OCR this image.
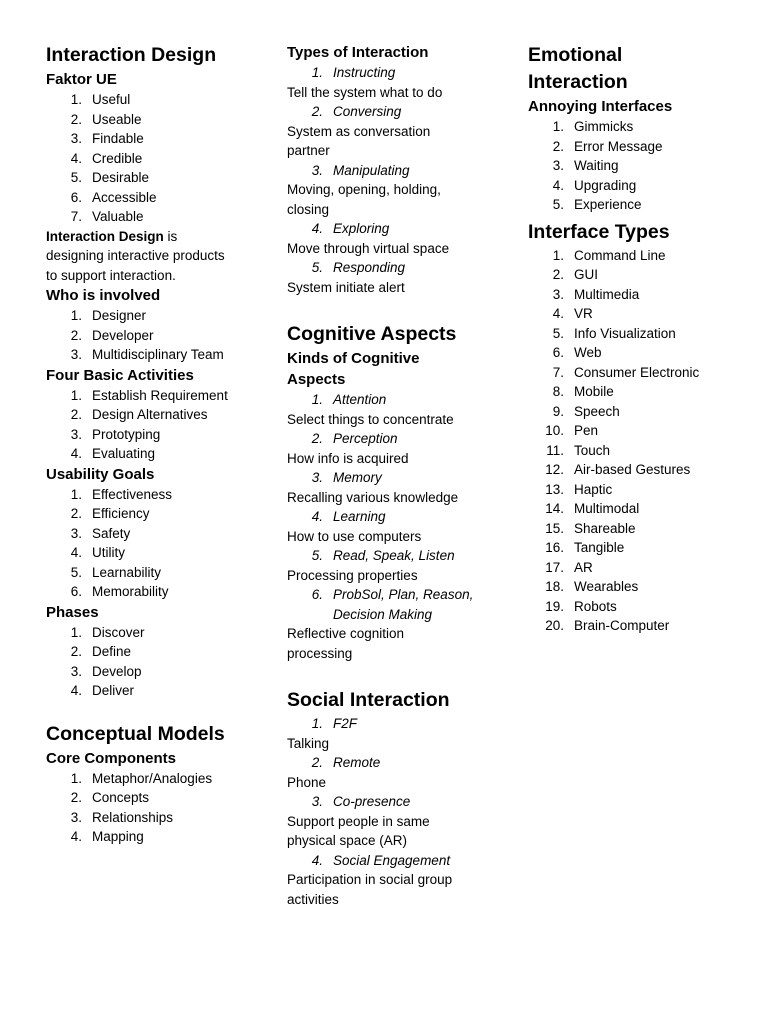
Interaction Design
Faktor UE
1. Useful
2. Useable
3. Findable
4. Credible
5. Desirable
6. Accessible
7. Valuable
Interaction Design is
designing interactive products
to support interaction.
Who is involved
1. Designer
2. Developer
3. Multidisciplinary Team
Four Basic Activities
1. Establish Requirement
2. Design Alternatives
3. Prototyping
4. Evaluating
Usability Goals
1. Effectiveness
2. Efficiency
3. Safety
4. Utility
5. Learnability
6. Memorability
Phases
1. Discover
2. Define
3. Develop
4. Deliver
Conceptual Models
Core Components
1. Metaphor/Analogies
2. Concepts
3. Relationships
4. Mapping
Types of Interaction
1. Instructing
Tell the system what to do
2. Conversing
System as conversation
partner
3. Manipulating
Moving, opening, holding,
closing
4. Exploring
Move through virtual space
5. Responding
System initiate alert
Cognitive Aspects
Kinds of Cognitive
Aspects
1. Attention
Select things to concentrate
2. Perception
How info is acquired
3. Memory
Recalling various knowledge
4. Learning
How to use computers
5. Read, Speak, Listen
Processing properties
6. ProbSol, Plan, Reason,
Decision Making
Reflective cognition
processing
Social Interaction
1. F2F
Talking
2. Remote
Phone
3. Co-presence
Support people in same
physical space (AR)
4. Social Engagement
Participation in social group
activities
Emotional
Interaction
Annoying Interfaces
1. Gimmicks
2. Error Message
3. Waiting
4. Upgrading
5. Experience
Interface Types
1. Command Line
2. GUI
3. Multimedia
4. VR
5. Info Visualization
6. Web
7. Consumer Electronic
8. Mobile
9. Speech
10. Pen
11. Touch
12. Air-based Gestures
13. Haptic
14. Multimodal
15. Shareable
16. Tangible
17. AR
18. Wearables
19. Robots
20. Brain-Computer
